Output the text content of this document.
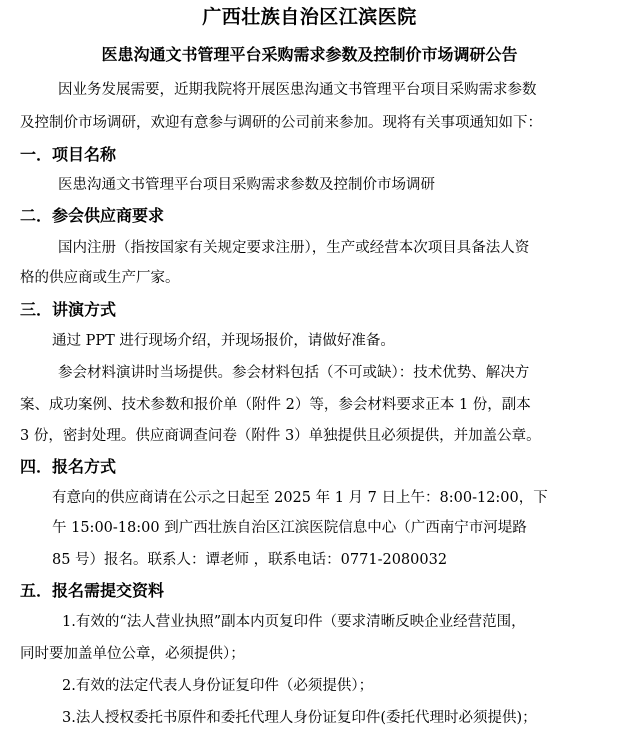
广西壮族自治区江滨医院
医患沟通文书管理平台采购需求参数及控制价市场调研公告
因业务发展需要，近期我院将开展医患沟通文书管理平台项目采购需求参数
及控制价市场调研，欢迎有意参与调研的公司前来参加。现将有关事项通知如下：
一．项目名称
医患沟通文书管理平台项目采购需求参数及控制价市场调研
二．参会供应商要求
国内注册（指按国家有关规定要求注册），生产或经营本次项目具备法人资
格的供应商或生产厂家。
三．讲演方式
通过 PPT 进行现场介绍，并现场报价，请做好准备。
参会材料演讲时当场提供。参会材料包括（不可或缺）：技术优势、解决方
案、成功案例、技术参数和报价单（附件 2）等，参会材料要求正本 1 份，副本
3 份，密封处理。供应商调查问卷（附件 3）单独提供且必须提供，并加盖公章。
四．报名方式
有意向的供应商请在公示之日起至 2025 年 1 月 7 日上午：8:00-12:00，下
午 15:00-18:00 到广西壮族自治区江滨医院信息中心（广西南宁市河堤路
85 号）报名。联系人：谭老师 ，联系电话：0771-2080032
五．报名需提交资料
1.有效的“法人营业执照”副本内页复印件（要求清晰反映企业经营范围，
同时要加盖单位公章，必须提供）；
2.有效的法定代表人身份证复印件（必须提供）；
3.法人授权委托书原件和委托代理人身份证复印件(委托代理时必须提供)；
